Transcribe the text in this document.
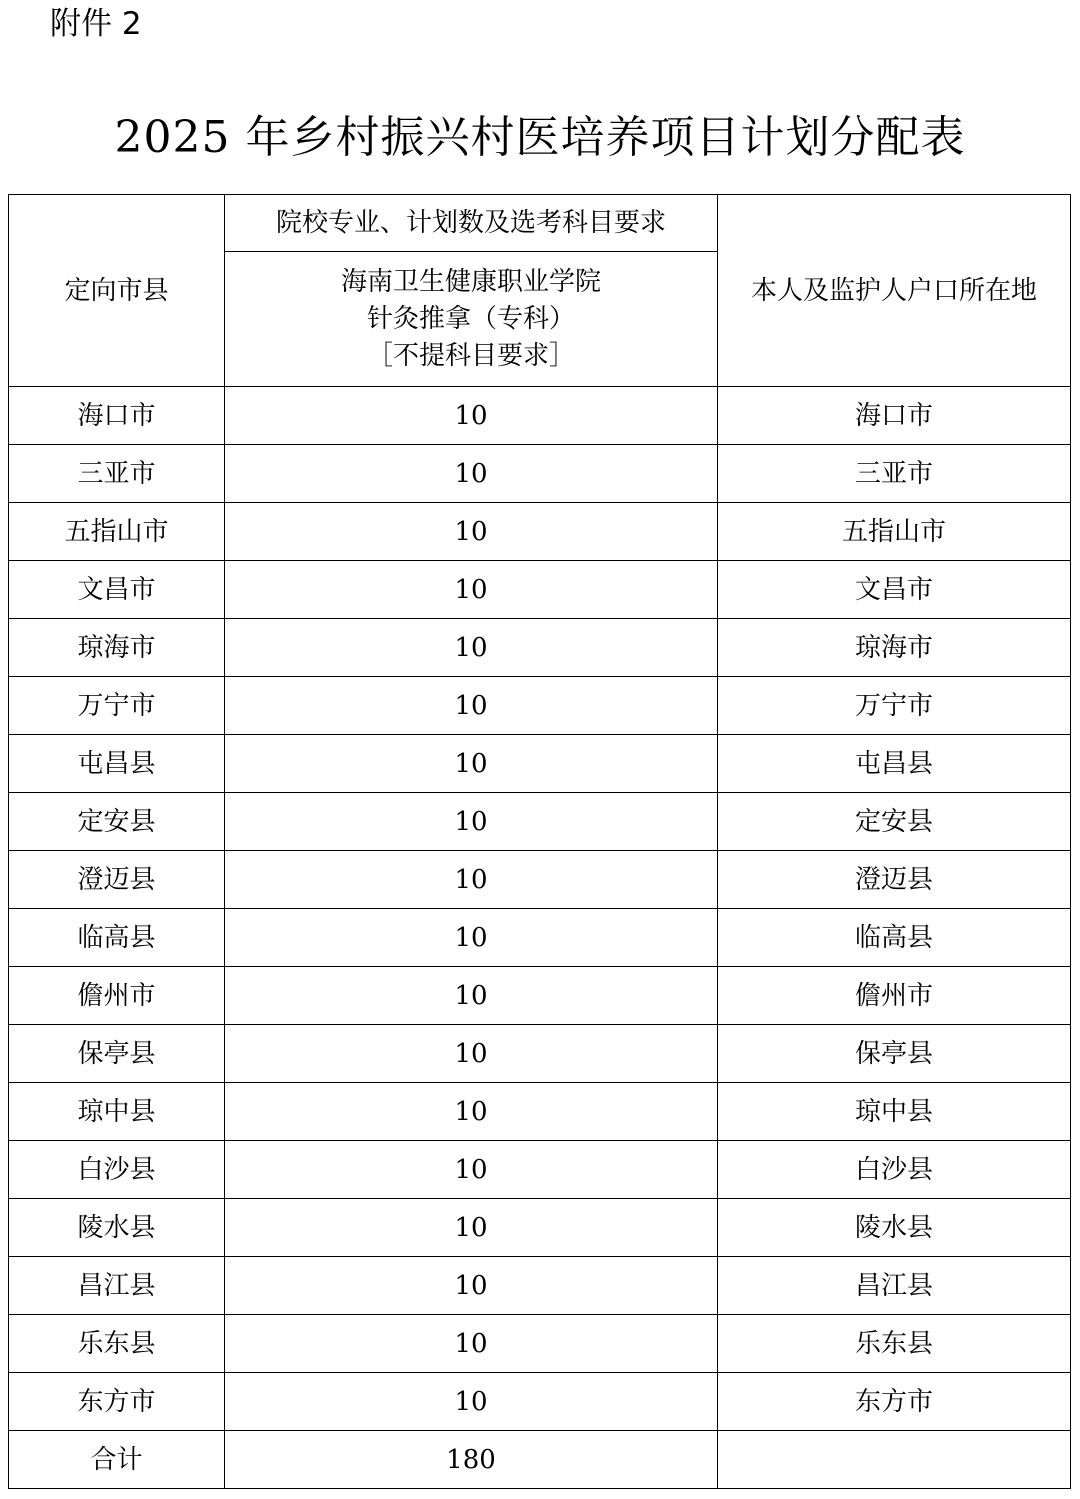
附件 2
2025 年乡村振兴村医培养项目计划分配表
定向市县	院校专业、计划数及选考科目要求	本人及监护人户口所在地

	海南卫生健康职业学院
针灸推拿（专科）
［不提科目要求］	

海口市	10	海口市
三亚市	10	三亚市
五指山市	10	五指山市
文昌市	10	文昌市
琼海市	10	琼海市
万宁市	10	万宁市
屯昌县	10	屯昌县
定安县	10	定安县
澄迈县	10	澄迈县
临高县	10	临高县
儋州市	10	儋州市
保亭县	10	保亭县
琼中县	10	琼中县
白沙县	10	白沙县
陵水县	10	陵水县
昌江县	10	昌江县
乐东县	10	乐东县
东方市	10	东方市
合计	180	
